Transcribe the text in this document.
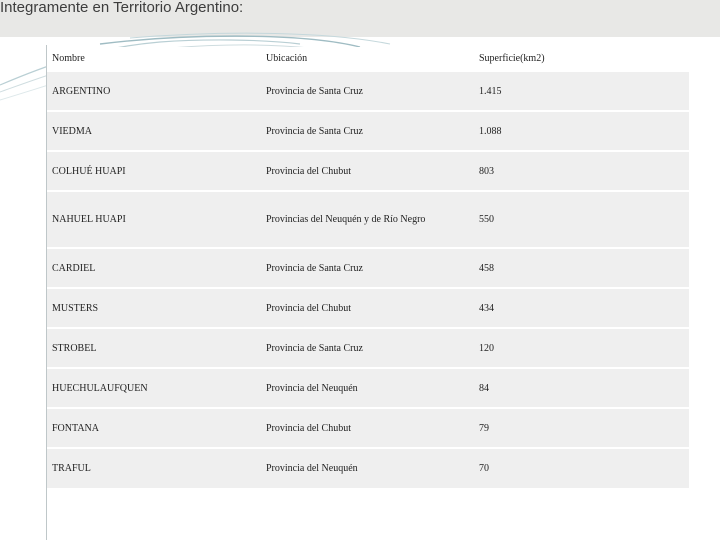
Integramente en Territorio Argentino:
Nombre	Ubicación	Superficie(km2)
ARGENTINO	Provincia de Santa Cruz	1.415
VIEDMA	Provincia de Santa Cruz	1.088
COLHUÉ HUAPI	Provincia del Chubut	803
NAHUEL HUAPI	Provincias del Neuquén y de Río Negro	550
CARDIEL	Provincia de Santa Cruz	458
MUSTERS	Provincia del Chubut	434
STROBEL	Provincia de Santa Cruz	120
HUECHULAUFQUEN	Provincia del Neuquén	84
FONTANA	Provincia del Chubut	79
TRAFUL	Provincia del Neuquén	70
